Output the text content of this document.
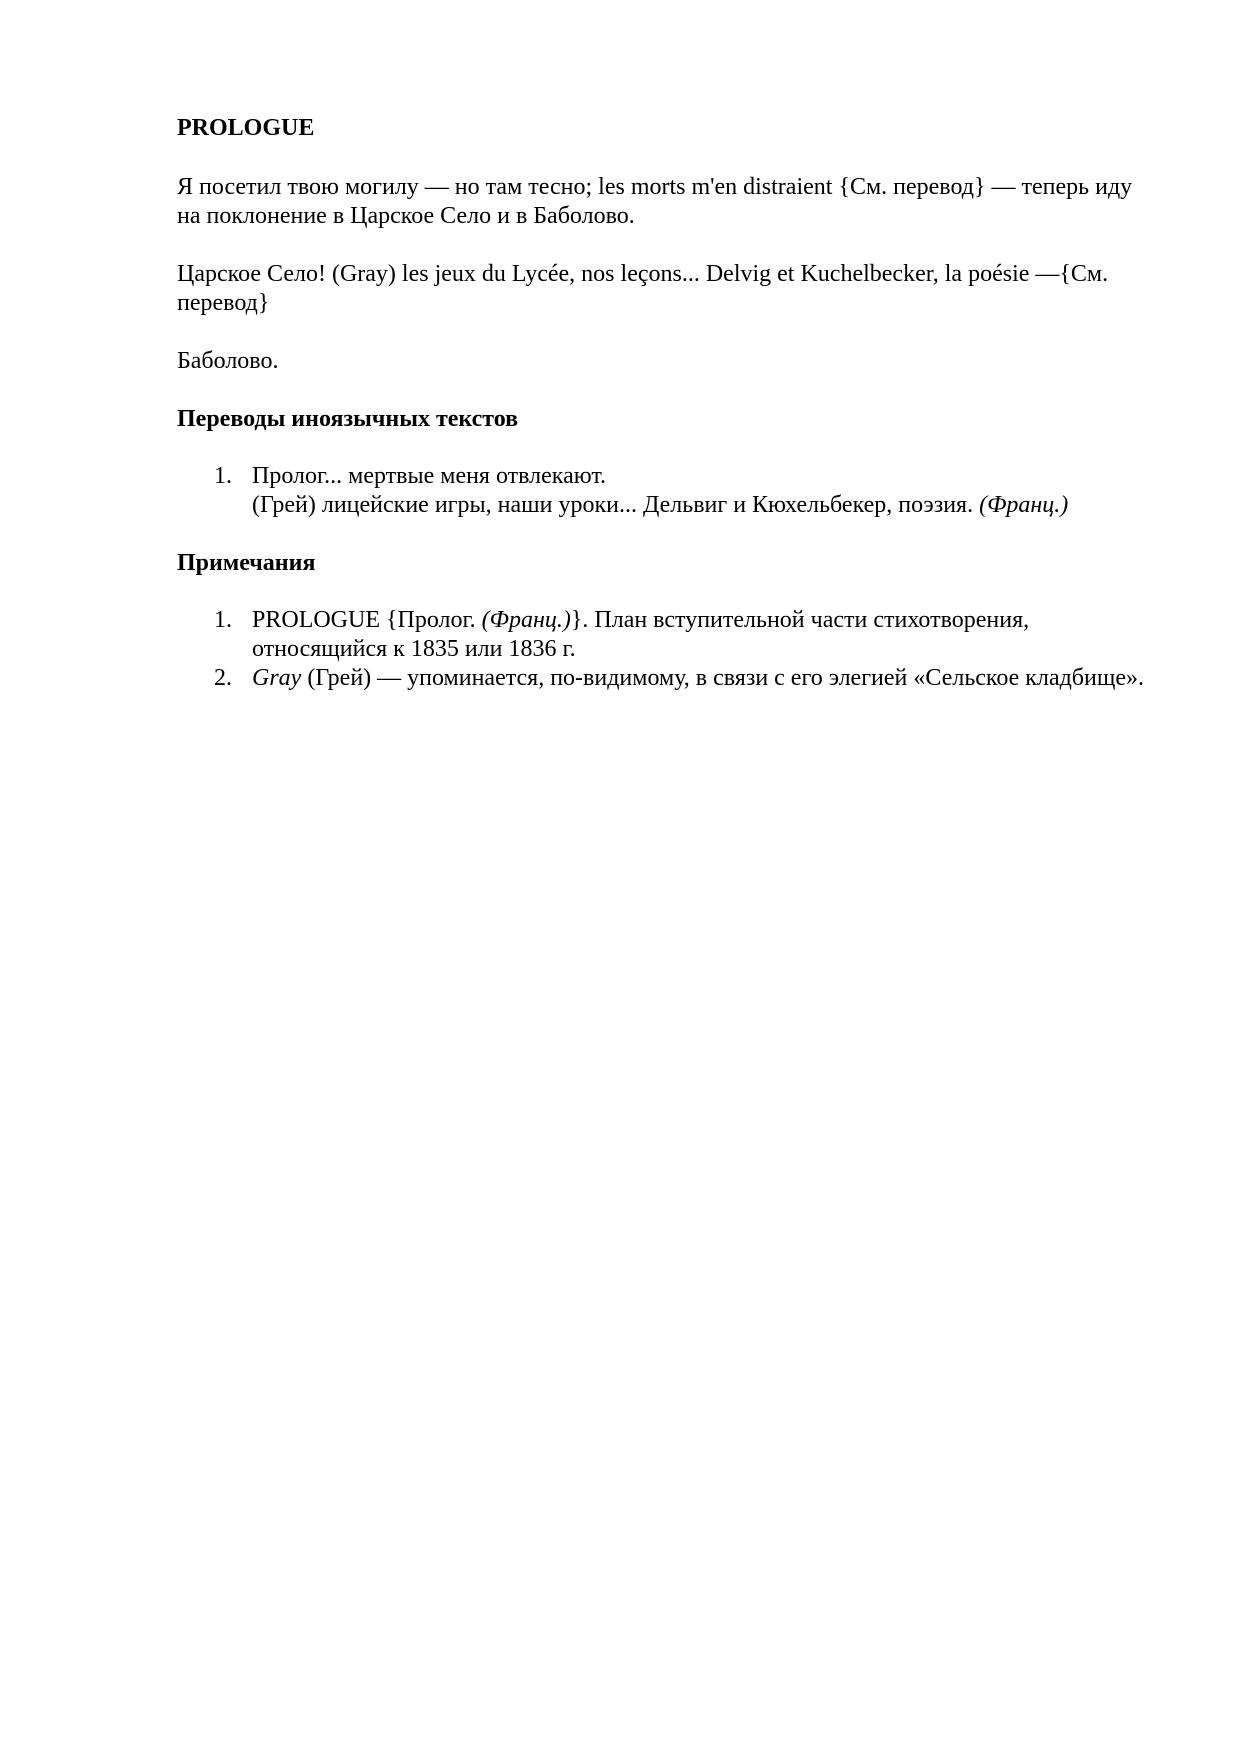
PROLOGUE

Я посетил твою могилу — но там тесно; les morts m'en distraient {См. перевод} — теперь иду на поклонение в Царское Село и в Баболово.

Царское Село! (Gray) les jeux du Lycée, nos leçons... Delvig et Kuchelbecker, la poésie —{См. перевод}

Баболово.

Переводы иноязычных текстов
1. Пролог... мертвые меня отвлекают.
(Грей) лицейские игры, наши уроки... Дельвиг и Кюхельбекер, поэзия. (Франц.)
Примечания
1. PROLOGUE {Пролог. (Франц.)}. План вступительной части стихотворения, относящийся к 1835 или 1836 г.
2. Gray (Грей) — упоминается, по-видимому, в связи с его элегией «Сельское кладбище».
